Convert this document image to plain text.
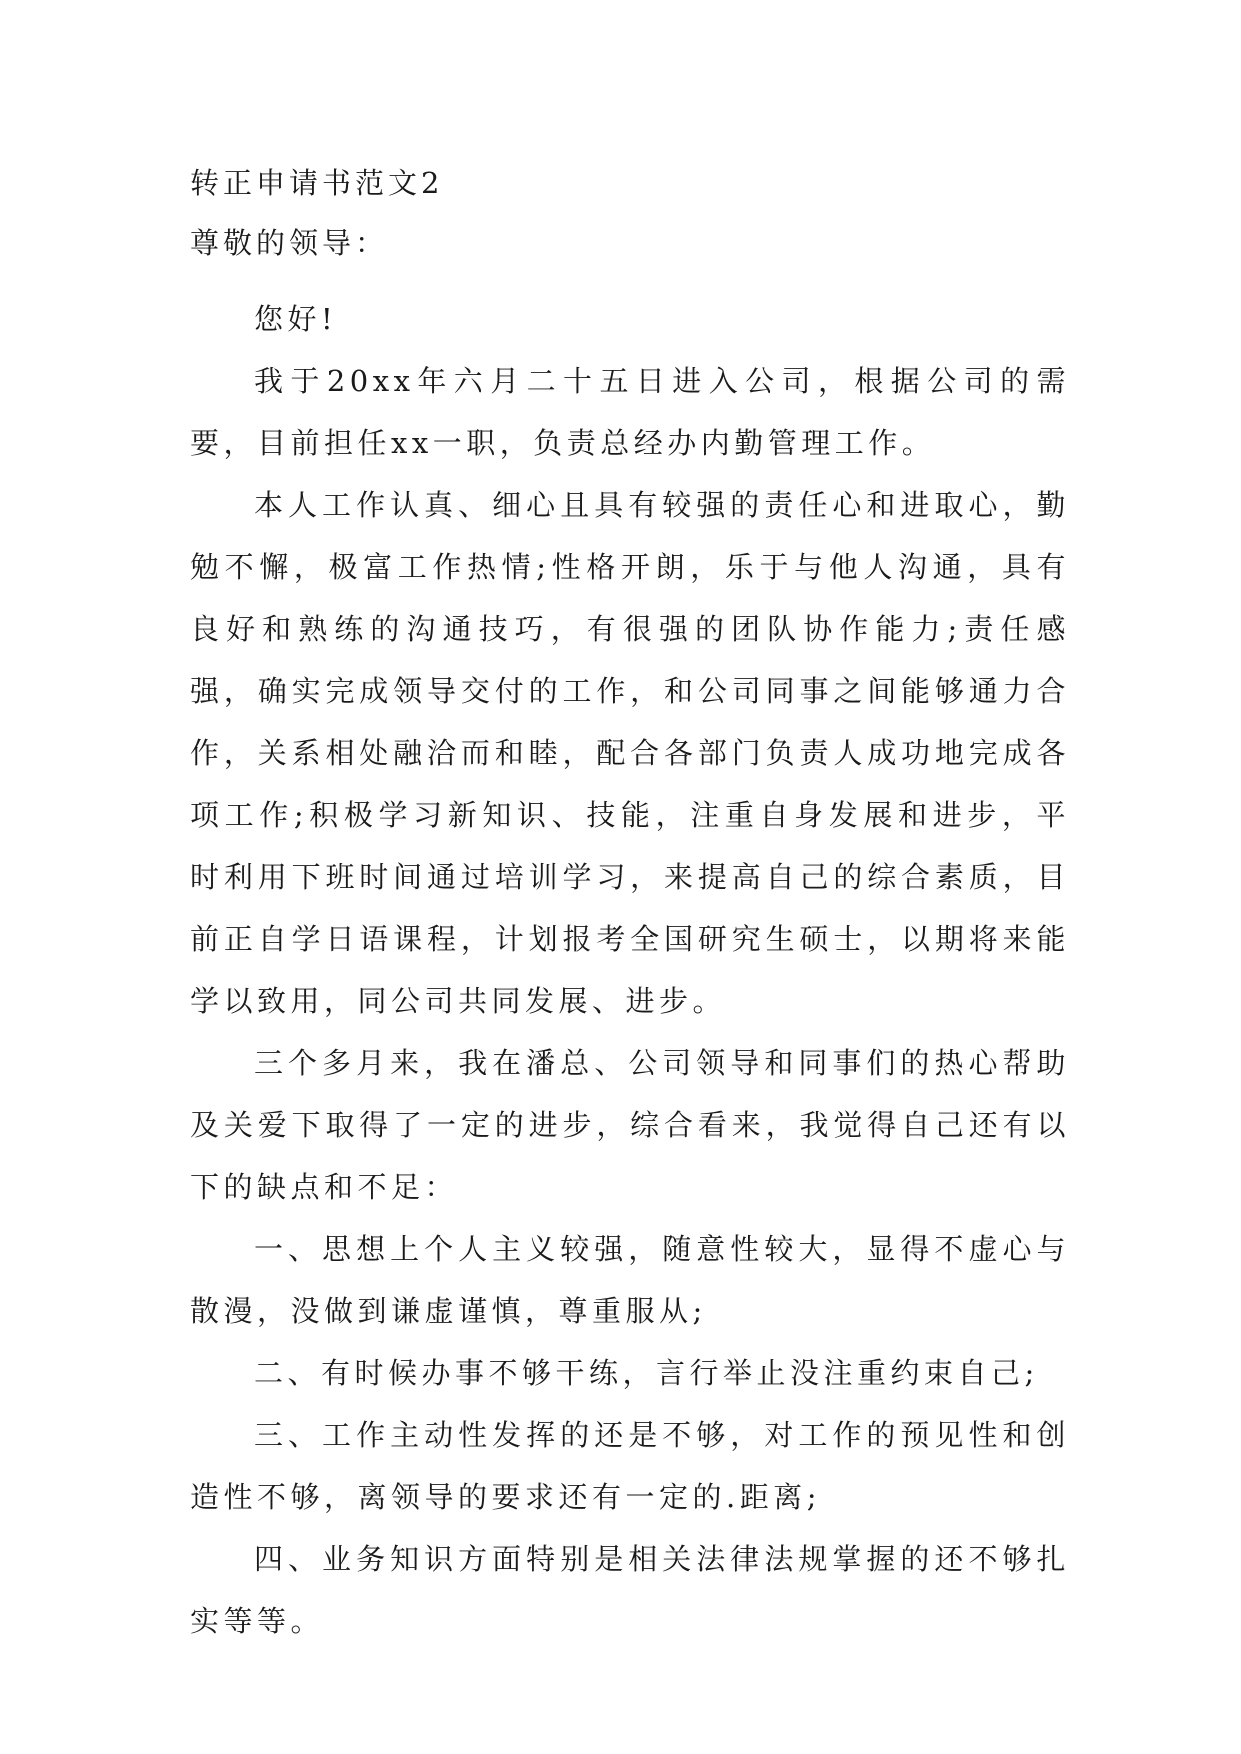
转正申请书范文2
尊敬的领导：

您好!

我于20xx年六月二十五日进入公司，根据公司的需要，目前担任xx一职，负责总经办内勤管理工作。

本人工作认真、细心且具有较强的责任心和进取心，勤勉不懈，极富工作热情;性格开朗，乐于与他人沟通，具有良好和熟练的沟通技巧，有很强的团队协作能力;责任感强，确实完成领导交付的工作，和公司同事之间能够通力合作，关系相处融洽而和睦，配合各部门负责人成功地完成各项工作;积极学习新知识、技能，注重自身发展和进步，平时利用下班时间通过培训学习，来提高自己的综合素质，目前正自学日语课程，计划报考全国研究生硕士，以期将来能学以致用，同公司共同发展、进步。

三个多月来，我在潘总、公司领导和同事们的热心帮助及关爱下取得了一定的进步，综合看来，我觉得自己还有以下的缺点和不足：

一、思想上个人主义较强，随意性较大，显得不虚心与散漫，没做到谦虚谨慎，尊重服从;

二、有时候办事不够干练，言行举止没注重约束自己;

三、工作主动性发挥的还是不够，对工作的预见性和创造性不够，离领导的要求还有一定的.距离;

四、业务知识方面特别是相关法律法规掌握的还不够扎实等等。
